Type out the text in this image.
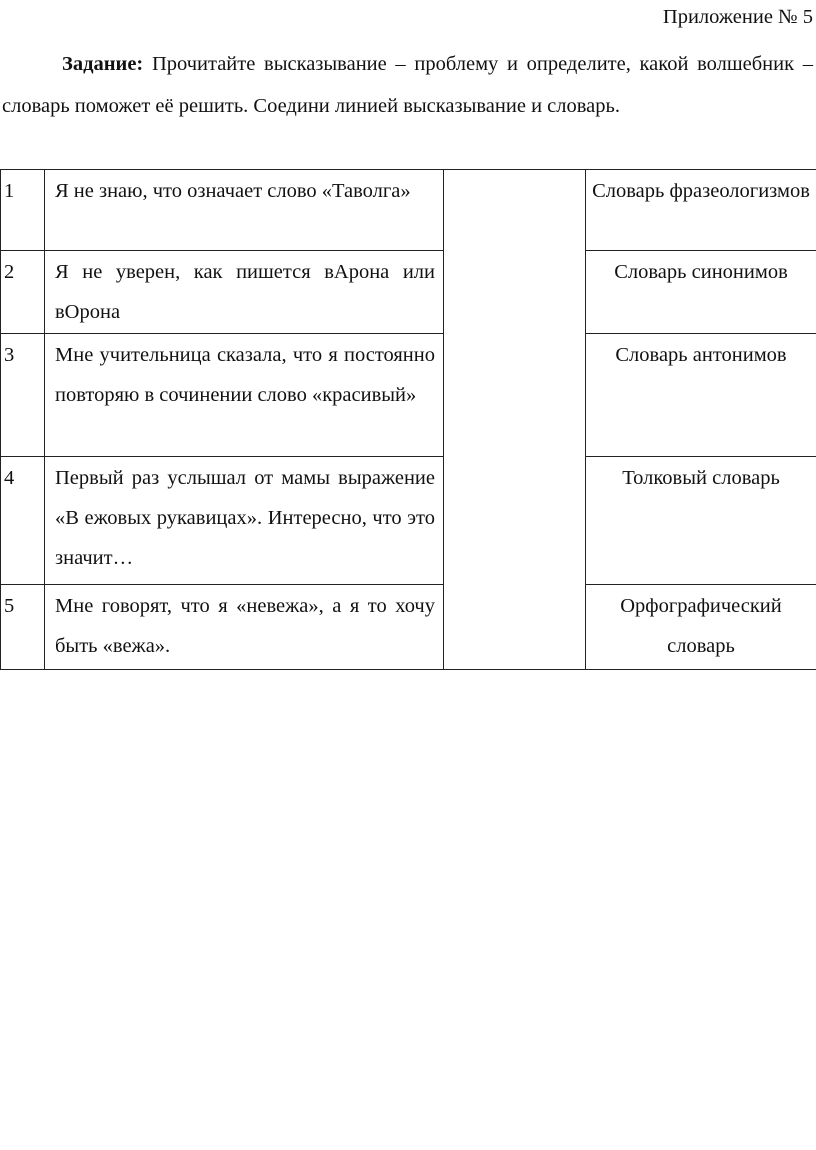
Приложение № 5
Задание: Прочитайте высказывание – проблему и определите, какой волшебник – словарь поможет её решить. Соедини линией высказывание и словарь.
1	Я не знаю, что означает слово «Таволга»		Словарь фразеологизмов
2	Я не уверен, как пишется вАрона или вОрона		Словарь синонимов
3	Мне учительница сказала, что я постоянно повторяю в сочинении слово «красивый»		Словарь антонимов
4	Первый раз услышал от мамы выражение «В ежовых рукавицах». Интересно, что это значит…		Толковый словарь
5	Мне говорят, что я «невежа», а я то хочу быть «вежа».		Орфографический словарь
